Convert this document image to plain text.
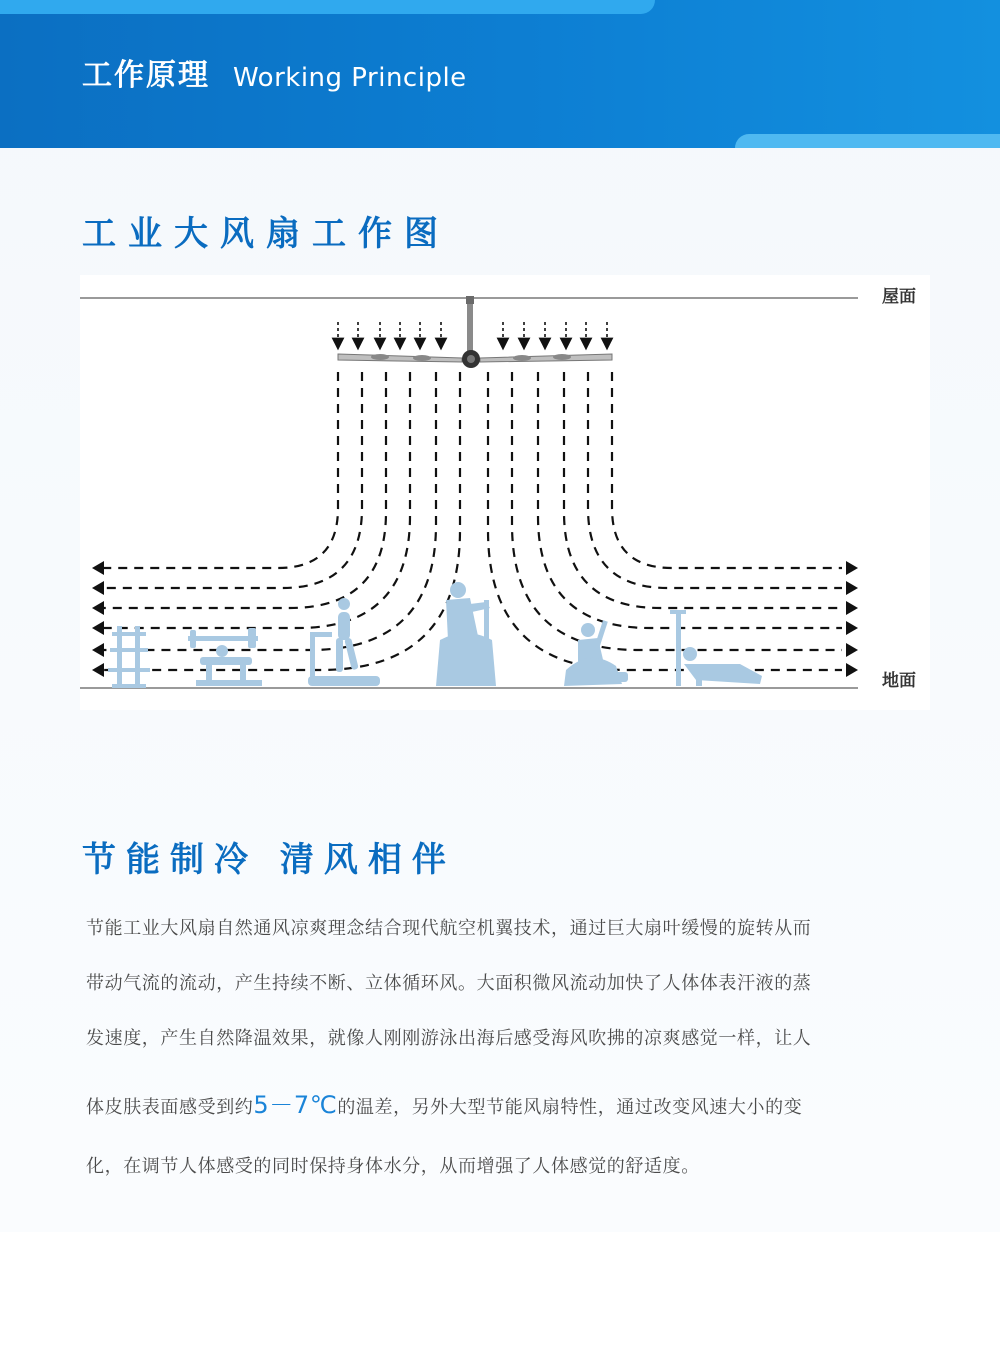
工作原理 Working Principle
工业大风扇工作图
屋面
地面
节能制冷 清风相伴
节能工业大风扇自然通风凉爽理念结合现代航空机翼技术，通过巨大扇叶缓慢的旋转从而
带动气流的流动，产生持续不断、立体循环风。大面积微风流动加快了人体体表汗液的蒸
发速度，产生自然降温效果，就像人刚刚游泳出海后感受海风吹拂的凉爽感觉一样，让人
体皮肤表面感受到约5－7℃的温差，另外大型节能风扇特性，通过改变风速大小的变
化，在调节人体感受的同时保持身体水分，从而增强了人体感觉的舒适度。
